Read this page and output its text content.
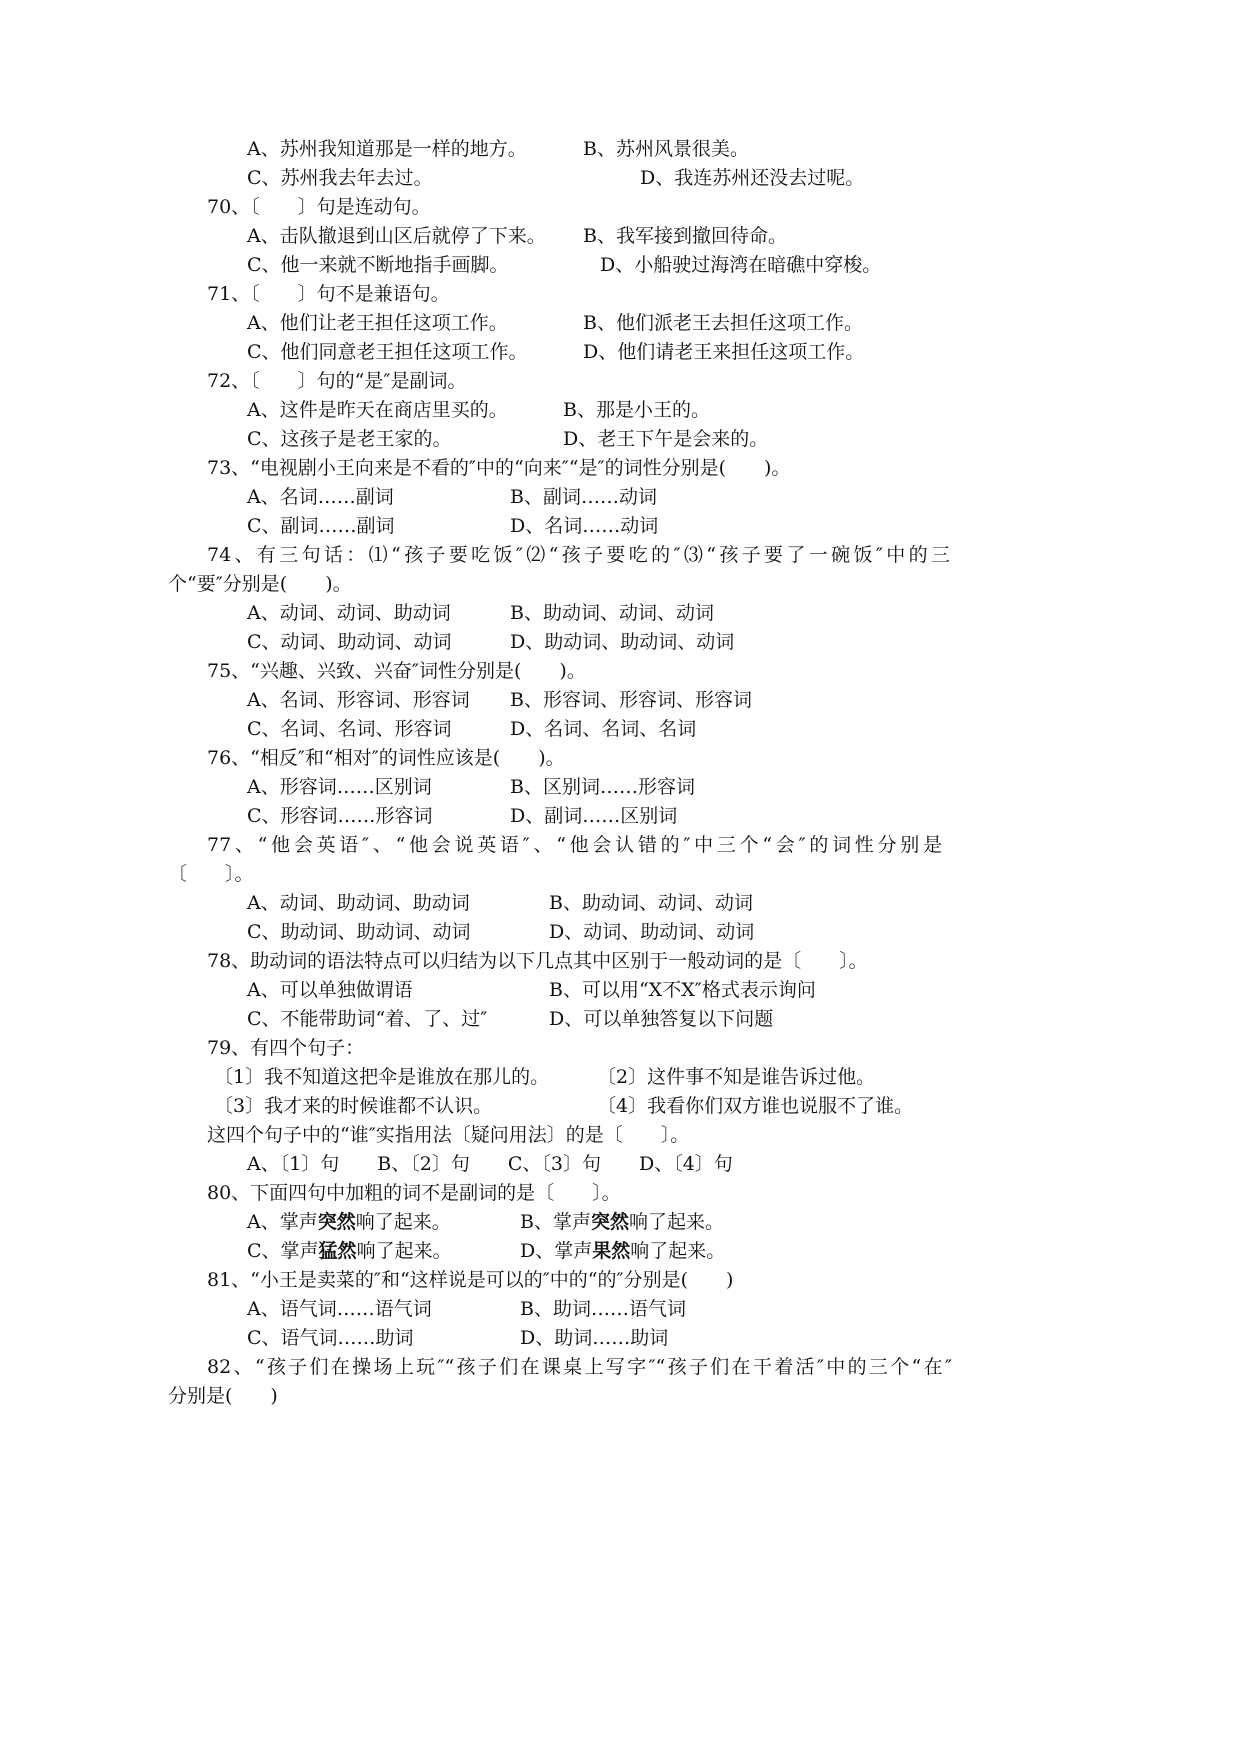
A、苏州我知道那是一样的地方。	B、苏州风景很美。
C、苏州我去年去过。	D、我连苏州还没去过呢。
70、〔　　〕句是连动句。
A、击队撤退到山区后就停了下来。 B、我军接到撤回待命。
C、他一来就不断地指手画脚。	D、小船驶过海湾在暗礁中穿梭。
71、〔　　〕句不是兼语句。
A、他们让老王担任这项工作。	B、他们派老王去担任这项工作。
C、他们同意老王担任这项工作。	D、他们请老王来担任这项工作。
72、〔　　〕句的“是″是副词。
A、这件是昨天在商店里买的。	B、那是小王的。
C、这孩子是老王家的。	D、老王下午是会来的。
73、“电视剧小王向来是不看的″中的“向来″“是″的词性分别是(　　)。
A、名词……副词	B、副词……动词
C、副词……副词	D、名词……动词
74、有三句话：⑴“孩子要吃饭″⑵“孩子要吃的″⑶“孩子要了一碗饭″中的三
个“要″分别是(　　)。
A、动词、动词、助动词	B、助动词、动词、动词
C、动词、助动词、动词	D、助动词、助动词、动词
75、“兴趣、兴致、兴奋″词性分别是(　　)。
A、名词、形容词、形容词 B、形容词、形容词、形容词
C、名词、名词、形容词	D、名词、名词、名词
76、“相反″和“相对″的词性应该是(　　)。
A、形容词……区别词	B、区别词……形容词
C、形容词……形容词	D、副词……区别词
77、“他会英语″、“他会说英语″、“他会认错的″中三个“会″的词性分别是
〔　　〕。
A、动词、助动词、助动词	B、助动词、动词、动词
C、助动词、助动词、动词	D、动词、助动词、动词
78、助动词的语法特点可以归结为以下几点其中区别于一般动词的是〔　　〕。
A、可以单独做谓语	B、可以用“X不X″格式表示询问
C、不能带助词“着、了、过″	D、可以单独答复以下问题
79、有四个句子：
〔1〕我不知道这把伞是谁放在那儿的。	〔2〕这件事不知是谁告诉过他。
〔3〕我才来的时候谁都不认识。	〔4〕我看你们双方谁也说服不了谁。
这四个句子中的“谁″实指用法〔疑问用法〕的是〔　　〕。
A、〔1〕句　　B、〔2〕句　　C、〔3〕句　　D、〔4〕句
80、下面四句中加粗的词不是副词的是〔　　〕。
A、掌声突然响了起来。	B、掌声突然响了起来。
C、掌声猛然响了起来。	D、掌声果然响了起来。
81、“小王是卖菜的″和“这样说是可以的″中的“的″分别是(　　)
A、语气词……语气词	B、助词……语气词
C、语气词……助词	D、助词……助词
82、“孩子们在操场上玩″“孩子们在课桌上写字″“孩子们在干着活″中的三个“在″
分别是(　　)
